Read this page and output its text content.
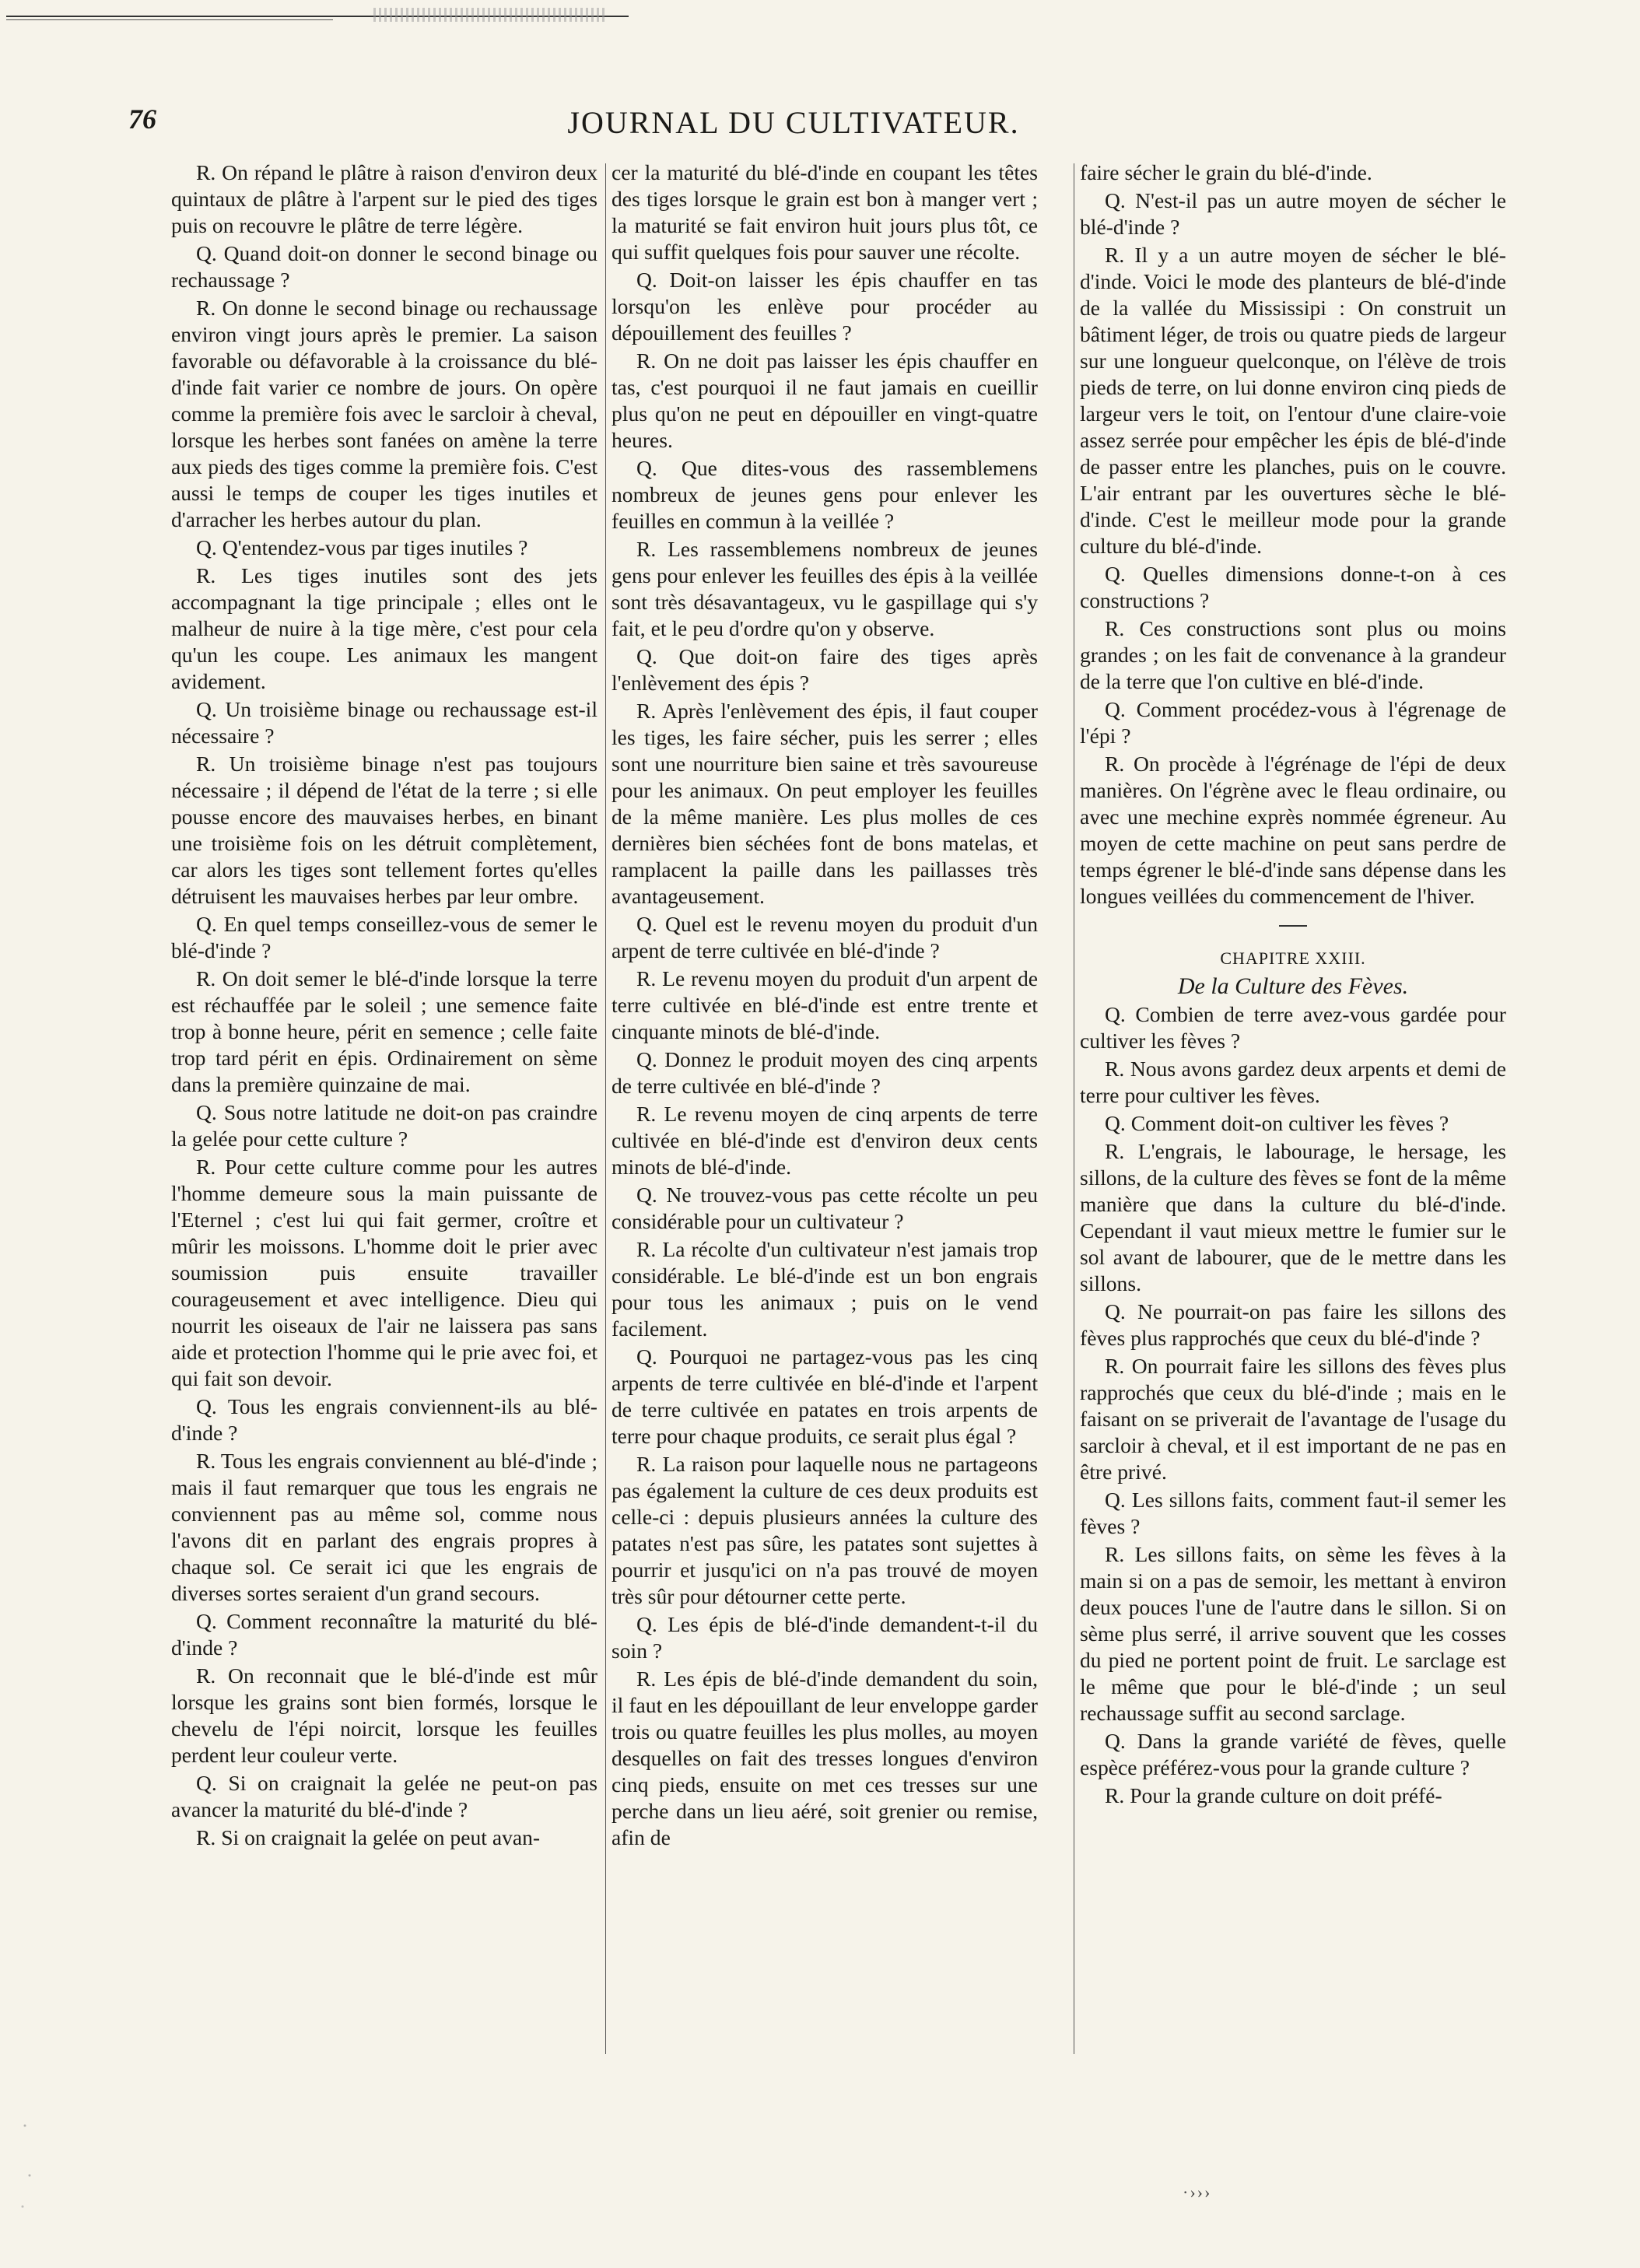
76	JOURNAL DU CULTIVATEUR.

R. On répand le plâtre à raison d'environ deux quintaux de plâtre à l'arpent sur le pied des tiges puis on recouvre le plâtre de terre légère.

Q. Quand doit-on donner le second binage ou rechaussage ?

R. On donne le second binage ou rechaussage environ vingt jours après le premier. La saison favorable ou défavorable à la croissance du blé-d'inde fait varier ce nombre de jours. On opère comme la première fois avec le sarcloir à cheval, lorsque les herbes sont fanées on amène la terre aux pieds des tiges comme la première fois. C'est aussi le temps de couper les tiges inutiles et d'arracher les herbes autour du plan.

Q. Q'entendez-vous par tiges inutiles ?

R. Les tiges inutiles sont des jets accompagnant la tige principale ; elles ont le malheur de nuire à la tige mère, c'est pour cela qu'un les coupe. Les animaux les mangent avidement.

Q. Un troisième binage ou rechaussage est-il nécessaire ?

R. Un troisième binage n'est pas toujours nécessaire ; il dépend de l'état de la terre ; si elle pousse encore des mauvaises herbes, en binant une troisième fois on les détruit complètement, car alors les tiges sont tellement fortes qu'elles détruisent les mauvaises herbes par leur ombre.

Q. En quel temps conseillez-vous de semer le blé-d'inde ?

R. On doit semer le blé-d'inde lorsque la terre est réchauffée par le soleil ; une semence faite trop à bonne heure, périt en semence ; celle faite trop tard périt en épis. Ordinairement on sème dans la première quinzaine de mai.

Q. Sous notre latitude ne doit-on pas craindre la gelée pour cette culture ?

R. Pour cette culture comme pour les autres l'homme demeure sous la main puissante de l'Eternel ; c'est lui qui fait germer, croître et mûrir les moissons. L'homme doit le prier avec soumission puis ensuite travailler courageusement et avec intelligence. Dieu qui nourrit les oiseaux de l'air ne laissera pas sans aide et protection l'homme qui le prie avec foi, et qui fait son devoir.

Q. Tous les engrais conviennent-ils au blé-d'inde ?

R. Tous les engrais conviennent au blé-d'inde ; mais il faut remarquer que tous les engrais ne conviennent pas au même sol, comme nous l'avons dit en parlant des engrais propres à chaque sol. Ce serait ici que les engrais de diverses sortes seraient d'un grand secours.

Q. Comment reconnaître la maturité du blé-d'inde ?

R. On reconnait que le blé-d'inde est mûr lorsque les grains sont bien formés, lorsque le chevelu de l'épi noircit, lorsque les feuilles perdent leur couleur verte.

Q. Si on craignait la gelée ne peut-on pas avancer la maturité du blé-d'inde ?

R. Si on craignait la gelée on peut avan-

cer la maturité du blé-d'inde en coupant les têtes des tiges lorsque le grain est bon à manger vert ; la maturité se fait environ huit jours plus tôt, ce qui suffit quelques fois pour sauver une récolte.

Q. Doit-on laisser les épis chauffer en tas lorsqu'on les enlève pour procéder au dépouillement des feuilles ?

R. On ne doit pas laisser les épis chauffer en tas, c'est pourquoi il ne faut jamais en cueillir plus qu'on ne peut en dépouiller en vingt-quatre heures.

Q. Que dites-vous des rassemblemens nombreux de jeunes gens pour enlever les feuilles en commun à la veillée ?

R. Les rassemblemens nombreux de jeunes gens pour enlever les feuilles des épis à la veillée sont très désavantageux, vu le gaspillage qui s'y fait, et le peu d'ordre qu'on y observe.

Q. Que doit-on faire des tiges après l'enlèvement des épis ?

R. Après l'enlèvement des épis, il faut couper les tiges, les faire sécher, puis les serrer ; elles sont une nourriture bien saine et très savoureuse pour les animaux. On peut employer les feuilles de la même manière. Les plus molles de ces dernières bien séchées font de bons matelas, et ramplacent la paille dans les paillasses très avantageusement.

Q. Quel est le revenu moyen du produit d'un arpent de terre cultivée en blé-d'inde ?

R. Le revenu moyen du produit d'un arpent de terre cultivée en blé-d'inde est entre trente et cinquante minots de blé-d'inde.

Q. Donnez le produit moyen des cinq arpents de terre cultivée en blé-d'inde ?

R. Le revenu moyen de cinq arpents de terre cultivée en blé-d'inde est d'environ deux cents minots de blé-d'inde.

Q. Ne trouvez-vous pas cette récolte un peu considérable pour un cultivateur ?

R. La récolte d'un cultivateur n'est jamais trop considérable. Le blé-d'inde est un bon engrais pour tous les animaux ; puis on le vend facilement.

Q. Pourquoi ne partagez-vous pas les cinq arpents de terre cultivée en blé-d'inde et l'arpent de terre cultivée en patates en trois arpents de terre pour chaque produits, ce serait plus égal ?

R. La raison pour laquelle nous ne partageons pas également la culture de ces deux produits est celle-ci : depuis plusieurs années la culture des patates n'est pas sûre, les patates sont sujettes à pourrir et jusqu'ici on n'a pas trouvé de moyen très sûr pour détourner cette perte.

Q. Les épis de blé-d'inde demandent-t-il du soin ?

R. Les épis de blé-d'inde demandent du soin, il faut en les dépouillant de leur enveloppe garder trois ou quatre feuilles les plus molles, au moyen desquelles on fait des tresses longues d'environ cinq pieds, ensuite on met ces tresses sur une perche dans un lieu aéré, soit grenier ou remise, afin de

faire sécher le grain du blé-d'inde.

Q. N'est-il pas un autre moyen de sécher le blé-d'inde ?

R. Il y a un autre moyen de sécher le blé-d'inde. Voici le mode des planteurs de blé-d'inde de la vallée du Mississipi : On construit un bâtiment léger, de trois ou quatre pieds de largeur sur une longueur quelconque, on l'élève de trois pieds de terre, on lui donne environ cinq pieds de largeur vers le toit, on l'entour d'une claire-voie assez serrée pour empêcher les épis de blé-d'inde de passer entre les planches, puis on le couvre. L'air entrant par les ouvertures sèche le blé-d'inde. C'est le meilleur mode pour la grande culture du blé-d'inde.

Q. Quelles dimensions donne-t-on à ces constructions ?

R. Ces constructions sont plus ou moins grandes ; on les fait de convenance à la grandeur de la terre que l'on cultive en blé-d'inde.

Q. Comment procédez-vous à l'égrenage de l'épi ?

R. On procède à l'égrénage de l'épi de deux manières. On l'égrène avec le fleau ordinaire, ou avec une mechine exprès nommée égreneur. Au moyen de cette machine on peut sans perdre de temps égrener le blé-d'inde sans dépense dans les longues veillées du commencement de l'hiver.

CHAPITRE XXIII.

De la Culture des Fèves.

Q. Combien de terre avez-vous gardée pour cultiver les fèves ?

R. Nous avons gardez deux arpents et demi de terre pour cultiver les fèves.

Q. Comment doit-on cultiver les fèves ?

R. L'engrais, le labourage, le hersage, les sillons, de la culture des fèves se font de la même manière que dans la culture du blé-d'inde. Cependant il vaut mieux mettre le fumier sur le sol avant de labourer, que de le mettre dans les sillons.

Q. Ne pourrait-on pas faire les sillons des fèves plus rapprochés que ceux du blé-d'inde ?

R. On pourrait faire les sillons des fèves plus rapprochés que ceux du blé-d'inde ; mais en le faisant on se priverait de l'avantage de l'usage du sarcloir à cheval, et il est important de ne pas en être privé.

Q. Les sillons faits, comment faut-il semer les fèves ?

R. Les sillons faits, on sème les fèves à la main si on a pas de semoir, les mettant à environ deux pouces l'une de l'autre dans le sillon. Si on sème plus serré, il arrive souvent que les cosses du pied ne portent point de fruit. Le sarclage est le même que pour le blé-d'inde ; un seul rechaussage suffit au second sarclage.

Q. Dans la grande variété de fèves, quelle espèce préférez-vous pour la grande culture ?

R. Pour la grande culture on doit préfé-

·›››
